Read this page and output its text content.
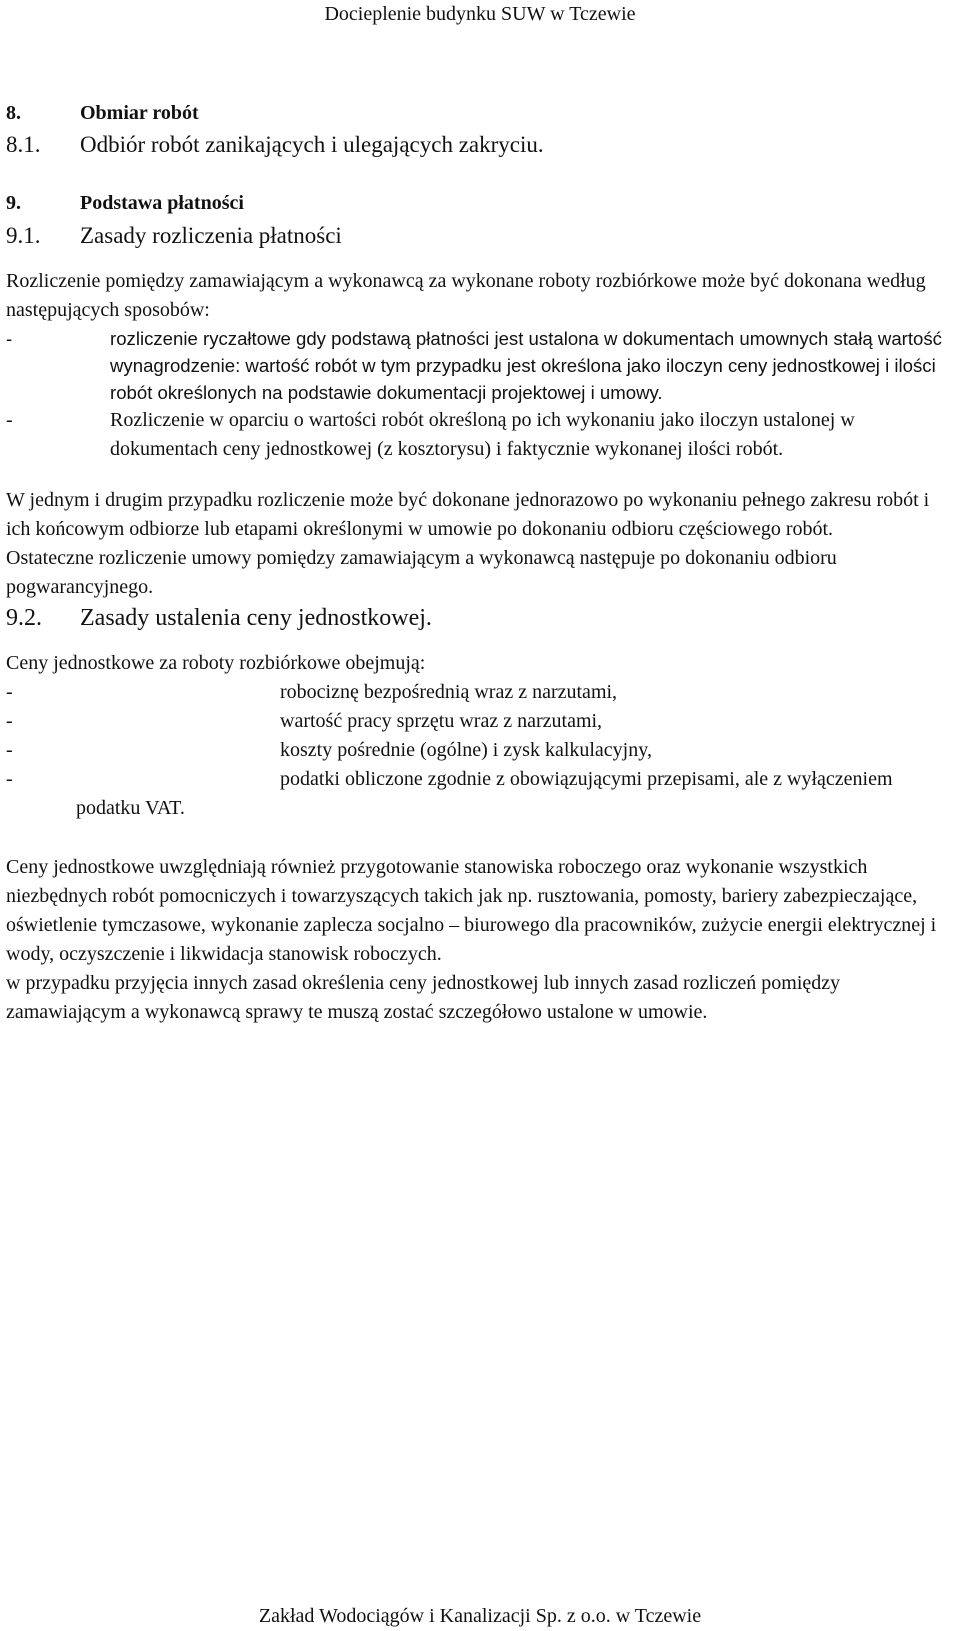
Docieplenie budynku SUW w Tczewie
8.	Obmiar robót
8.1. Odbiór robót zanikających i ulegających zakryciu.
9.	Podstawa płatności
9.1. Zasady rozliczenia płatności

Rozliczenie pomiędzy zamawiającym a wykonawcą za wykonane roboty rozbiórkowe może być dokonana według następujących sposobów:

-	rozliczenie ryczałtowe gdy podstawą płatności jest ustalona w dokumentach umownych stałą wartość wynagrodzenie: wartość robót w tym przypadku jest określona jako iloczyn ceny jednostkowej i ilości robót określonych na podstawie dokumentacji projektowej i umowy.
-	Rozliczenie w oparciu o wartości robót określoną po ich wykonaniu jako iloczyn ustalonej w dokumentach ceny jednostkowej (z kosztorysu) i faktycznie wykonanej ilości robót.

W jednym i drugim przypadku rozliczenie może być dokonane jednorazowo po wykonaniu pełnego zakresu robót i ich końcowym odbiorze lub etapami określonymi w umowie po dokonaniu odbioru częściowego robót.

Ostateczne rozliczenie umowy pomiędzy zamawiającym a wykonawcą następuje po dokonaniu odbioru pogwarancyjnego.

9.2. Zasady ustalenia ceny jednostkowej.

Ceny jednostkowe za roboty rozbiórkowe obejmują:

-	robociznę bezpośrednią wraz z narzutami,
-	wartość pracy sprzętu wraz z narzutami,
-	koszty pośrednie (ogólne) i zysk kalkulacyjny,
-	podatki obliczone zgodnie z obowiązującymi przepisami, ale z wyłączeniem podatku VAT.

Ceny jednostkowe uwzględniają również przygotowanie stanowiska roboczego oraz wykonanie wszystkich niezbędnych robót pomocniczych i towarzyszących takich jak np. rusztowania, pomosty, bariery zabezpieczające, oświetlenie tymczasowe, wykonanie zaplecza socjalno – biurowego dla pracowników, zużycie energii elektrycznej i wody, oczyszczenie i likwidacja stanowisk roboczych.

w przypadku przyjęcia innych zasad określenia ceny jednostkowej lub innych zasad rozliczeń pomiędzy zamawiającym a wykonawcą sprawy te muszą zostać szczegółowo ustalone w umowie.

Zakład Wodociągów i Kanalizacji Sp. z o.o. w Tczewie
